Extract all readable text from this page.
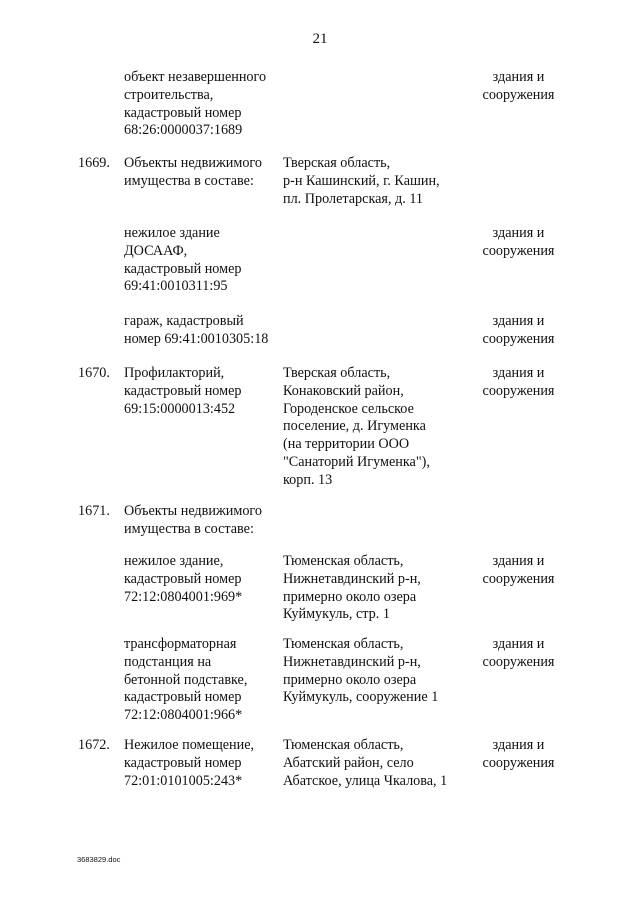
21
объект незавершенного
строительства,
кадастровый номер
68:26:0000037:1689
здания и
сооружения
1669. Объекты недвижимого
имущества в составе:
Тверская область,
р-н Кашинский, г. Кашин,
пл. Пролетарская, д. 11
нежилое здание
ДОСААФ,
кадастровый номер
69:41:0010311:95
здания и
сооружения
гараж, кадастровый
номер 69:41:0010305:18
здания и
сооружения
1670. Профилакторий,
кадастровый номер
69:15:0000013:452
Тверская область,
Конаковский район,
Городенское сельское
поселение, д. Игуменка
(на территории ООО
"Санаторий Игуменка"),
корп. 13
здания и
сооружения
1671. Объекты недвижимого
имущества в составе:
нежилое здание,
кадастровый номер
72:12:0804001:969*
Тюменская область,
Нижнетавдинский р-н,
примерно около озера
Куймукуль, стр. 1
здания и
сооружения
трансформаторная
подстанция на
бетонной подставке,
кадастровый номер
72:12:0804001:966*
Тюменская область,
Нижнетавдинский р-н,
примерно около озера
Куймукуль, сооружение 1
здания и
сооружения
1672. Нежилое помещение,
кадастровый номер
72:01:0101005:243*
Тюменская область,
Абатский район, село
Абатское, улица Чкалова, 1
здания и
сооружения
3683829.doc
